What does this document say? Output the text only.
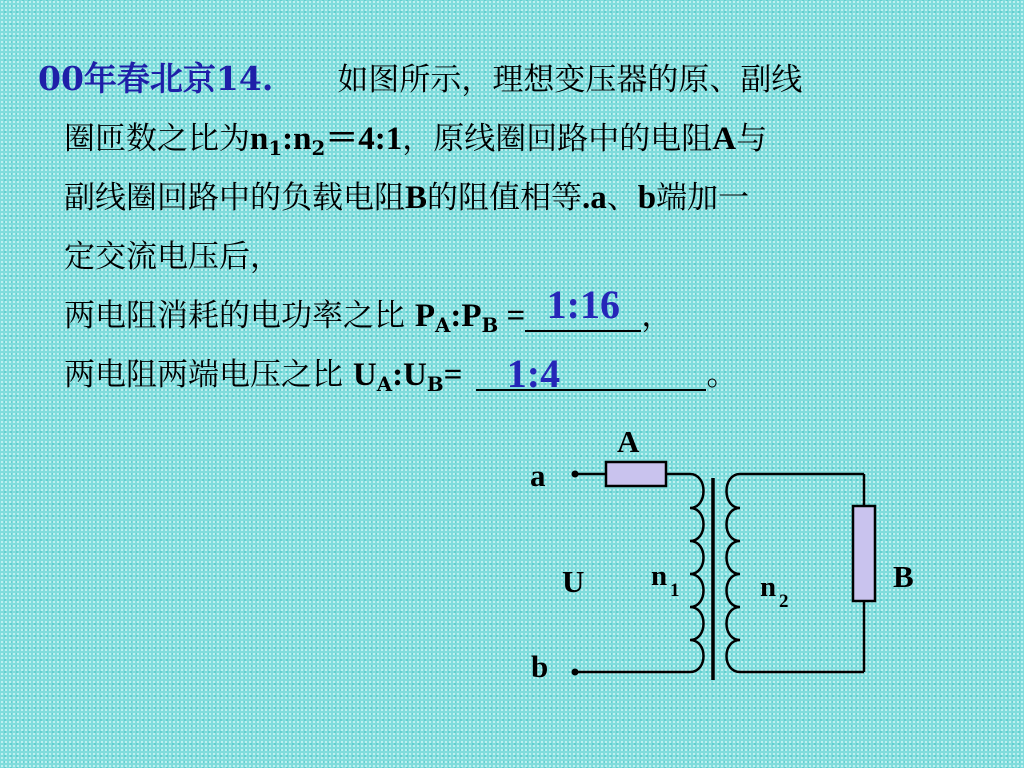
00年春北京14. 如图所示，理想变压器的原、副线
圈匝数之比为$n_1:n_2=4:1$，原线圈回路中的电阻A与
副线圈回路中的负载电阻B的阻值相等.a、b端加一
定交流电压后，
两电阻消耗的电功率之比 $P_A:P_B$ = 1:16 ，
两电阻两端电压之比 $U_A:U_B=$	1:4	。
a
b
U
A
B
n 1	n 2
